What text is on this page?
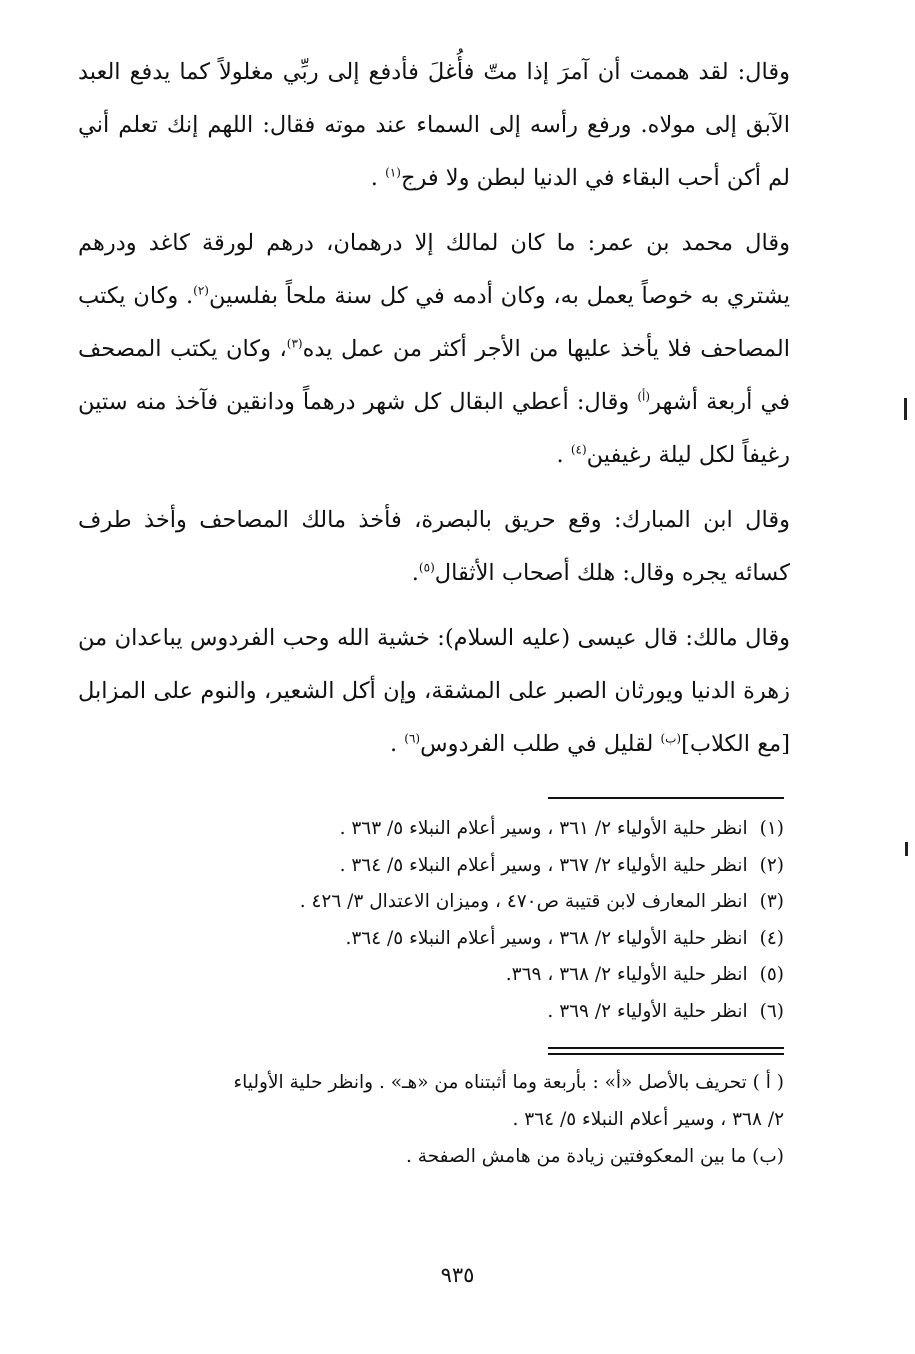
وقال: لقد هممت أن آمرَ إذا متّ فأُغلَ فأدفع إلى ربِّي مغلولاً كما يدفع العبد الآبق إلى مولاه. ورفع رأسه إلى السماء عند موته فقال: اللهم إنك تعلم أني لم أكن أحب البقاء في الدنيا لبطن ولا فرج$^{(١)}$ .

وقال محمد بن عمر: ما كان لمالك إلا درهمان، درهم لورقة كاغد ودرهم يشتري به خوصاً يعمل به، وكان أدمه في كل سنة ملحاً بفلسين$^{(٢)}$. وكان يكتب المصاحف فلا يأخذ عليها من الأجر أكثر من عمل يده$^{(٣)}$، وكان يكتب المصحف في أربعة أشهر$^{(أ)}$ وقال: أعطي البقال كل شهر درهماً ودانقين فآخذ منه ستين رغيفاً لكل ليلة رغيفين$^{(٤)}$ .

وقال ابن المبارك: وقع حريق بالبصرة، فأخذ مالك المصاحف وأخذ طرف كسائه يجره وقال: هلك أصحاب الأثقال$^{(٥)}$.

وقال مالك: قال عيسى (عليه السلام): خشية الله وحب الفردوس يباعدان من زهرة الدنيا ويورثان الصبر على المشقة، وإن أكل الشعير، والنوم على المزابل [مع الكلاب]$^{(ب)}$ لقليل في طلب الفردوس$^{(٦)}$ .

(١)انظر حلية الأولياء ٢/ ٣٦١ ، وسير أعلام النبلاء ٥/ ٣٦٣ .
(٢)انظر حلية الأولياء ٢/ ٣٦٧ ، وسير أعلام النبلاء ٥/ ٣٦٤ .
(٣)انظر المعارف لابن قتيبة ص٤٧٠ ، وميزان الاعتدال ٣/ ٤٢٦ .
(٤)انظر حلية الأولياء ٢/ ٣٦٨ ، وسير أعلام النبلاء ٥/ ٣٦٤.
(٥)انظر حلية الأولياء ٢/ ٣٦٨ ، ٣٦٩.
(٦)انظر حلية الأولياء ٢/ ٣٦٩ .
( أ ) تحريف بالأصل «أ» : بأربعة وما أثبتناه من «هـ» . وانظر حلية الأولياء
٢/ ٣٦٨ ، وسير أعلام النبلاء ٥/ ٣٦٤ .
(ب) ما بين المعكوفتين زيادة من هامش الصفحة .
٩٣٥
